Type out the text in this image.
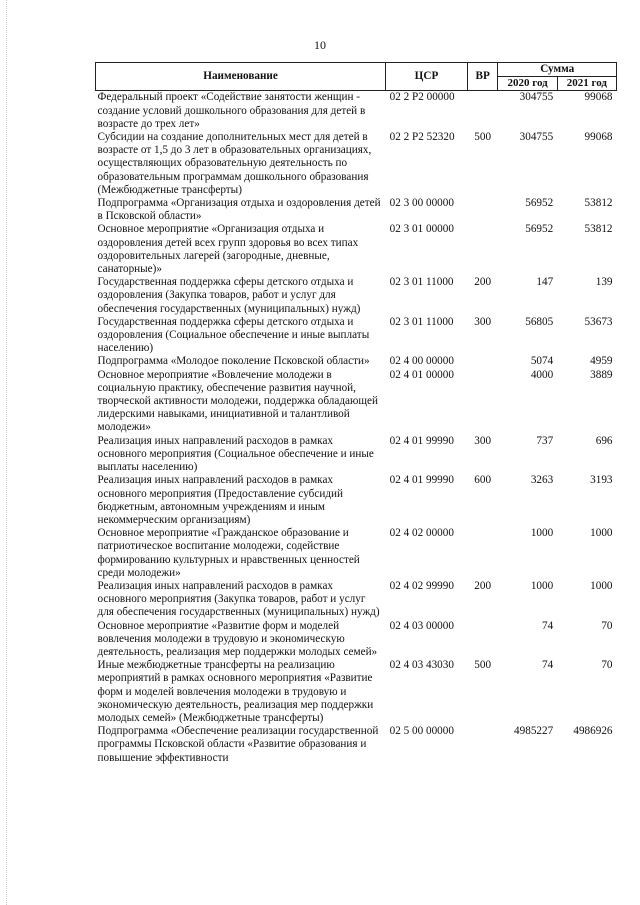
10
Наименование	ЦСР	ВР	Сумма	
			2020 год	2021 год
Федеральный проект «Содействие занятости женщин - создание условий дошкольного образования для детей в возрасте до трех лет»	02 2 P2 00000		304755	99068
Субсидии на создание дополнительных мест для детей в возрасте от 1,5 до 3 лет в образовательных организациях, осуществляющих образовательную деятельность по образовательным программам дошкольного образования (Межбюджетные трансферты)	02 2 P2 52320	500	304755	99068
Подпрограмма «Организация отдыха и оздоровления детей в Псковской области»	02 3 00 00000		56952	53812
Основное мероприятие «Организация отдыха и оздоровления детей всех групп здоровья во всех типах оздоровительных лагерей (загородные, дневные, санаторные)»	02 3 01 00000		56952	53812
Государственная поддержка сферы детского отдыха и оздоровления (Закупка товаров, работ и услуг для обеспечения государственных (муниципальных) нужд)	02 3 01 11000	200	147	139
Государственная поддержка сферы детского отдыха и оздоровления (Социальное обеспечение и иные выплаты населению)	02 3 01 11000	300	56805	53673
Подпрограмма «Молодое поколение Псковской области»	02 4 00 00000		5074	4959
Основное мероприятие «Вовлечение молодежи в социальную практику, обеспечение развития научной, творческой активности молодежи, поддержка обладающей лидерскими навыками, инициативной и талантливой молодежи»	02 4 01 00000		4000	3889
Реализация иных направлений расходов в рамках основного мероприятия (Социальное обеспечение и иные выплаты населению)	02 4 01 99990	300	737	696
Реализация иных направлений расходов в рамках основного мероприятия (Предоставление субсидий бюджетным, автономным учреждениям и иным некоммерческим организациям)	02 4 01 99990	600	3263	3193
Основное мероприятие «Гражданское образование и патриотическое воспитание молодежи, содействие формированию культурных и нравственных ценностей среди молодежи»	02 4 02 00000		1000	1000
Реализация иных направлений расходов в рамках основного мероприятия (Закупка товаров, работ и услуг для обеспечения государственных (муниципальных) нужд)	02 4 02 99990	200	1000	1000
Основное мероприятие «Развитие форм и моделей вовлечения молодежи в трудовую и экономическую деятельность, реализация мер поддержки молодых семей»	02 4 03 00000		74	70
Иные межбюджетные трансферты на реализацию мероприятий в рамках основного мероприятия «Развитие форм и моделей вовлечения молодежи в трудовую и экономическую деятельность, реализация мер поддержки молодых семей» (Межбюджетные трансферты)	02 4 03 43030	500	74	70
Подпрограмма «Обеспечение реализации государственной программы Псковской области «Развитие образования и повышение эффективности	02 5 00 00000		4985227	4986926
